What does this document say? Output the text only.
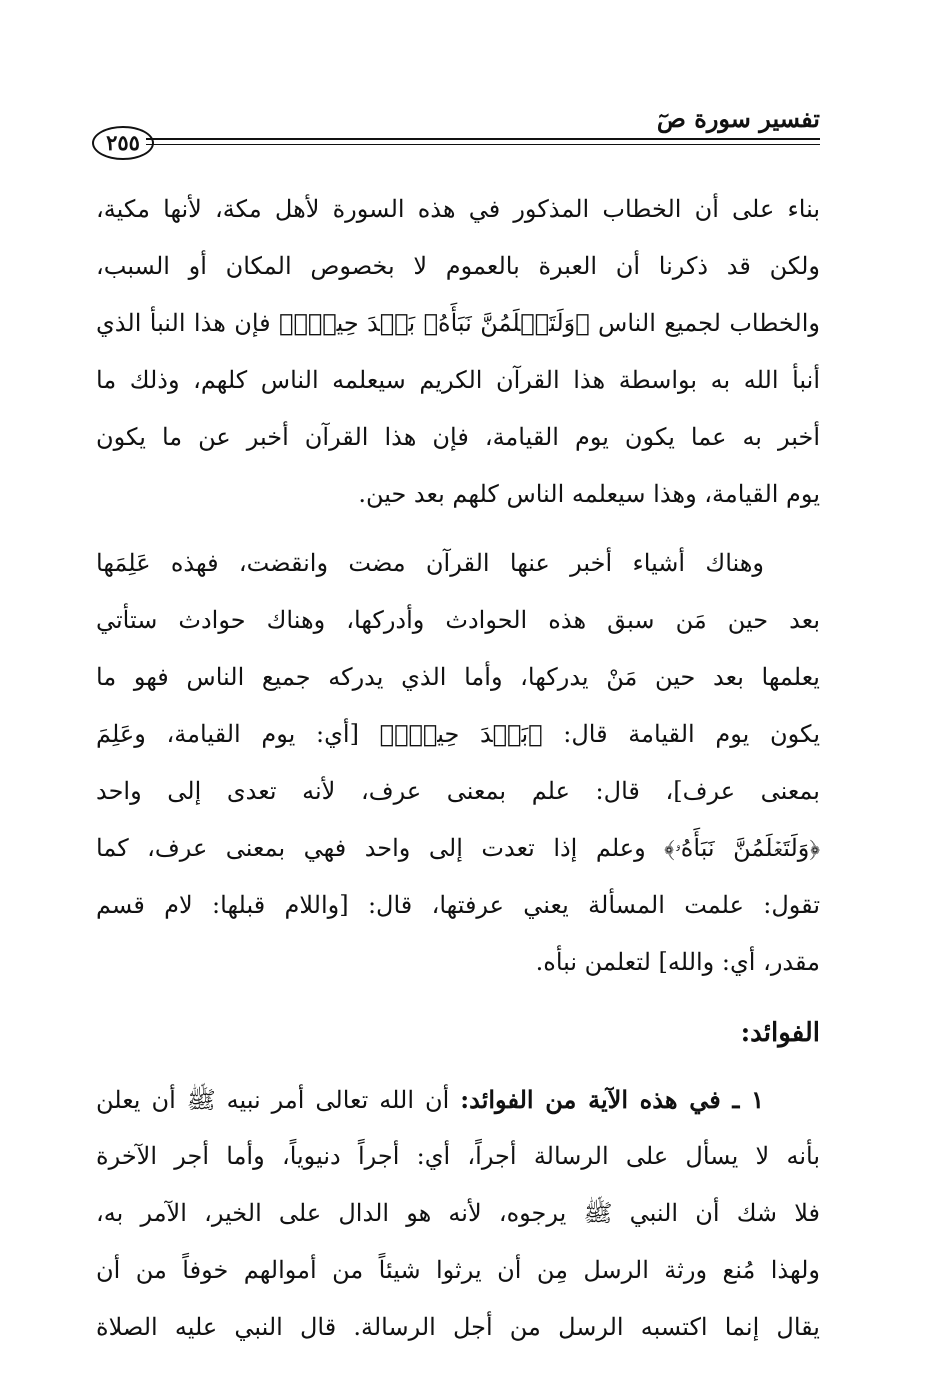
تفسير سورة صٓ
٢٥٥
بناء على أن الخطاب المذكور في هذه السورة لأهل مكة، لأنها مكية،
ولكن قد ذكرنا أن العبرة بالعموم لا بخصوص المكان أو السبب،
والخطاب لجميع الناس ﴿وَلَتَعۡلَمُنَّ نَبَأَهُۥ بَعۡدَ حِينِۭ﴾ فإن هذا النبأ الذي
أنبأ الله به بواسطة هذا القرآن الكريم سيعلمه الناس كلهم، وذلك ما
أخبر به عما يكون يوم القيامة، فإن هذا القرآن أخبر عن ما يكون
يوم القيامة، وهذا سيعلمه الناس كلهم بعد حين.
وهناك أشياء أخبر عنها القرآن مضت وانقضت، فهذه عَلِمَها
بعد حين مَن سبق هذه الحوادث وأدركها، وهناك حوادث ستأتي
يعلمها بعد حين مَنْ يدركها، وأما الذي يدركه جميع الناس فهو ما
يكون يوم القيامة قال: ﴿بَعۡدَ حِينِۭ﴾ [أي: يوم القيامة، وعَلِمَ
بمعنى عرف]، قال: علم بمعنى عرف، لأنه تعدى إلى واحد
﴿وَلَتَعۡلَمُنَّ نَبَأَهُۥ﴾ وعلم إذا تعدت إلى واحد فهي بمعنى عرف، كما
تقول: علمت المسألة يعني عرفتها، قال: [واللام قبلها: لام قسم
مقدر، أي: والله] لتعلمن نبأه.
الفوائد:
١ ـ في هذه الآية من الفوائد: أن الله تعالى أمر نبيه ﷺ أن يعلن
بأنه لا يسأل على الرسالة أجراً، أي: أجراً دنيوياً، وأما أجر الآخرة
فلا شك أن النبي ﷺ يرجوه، لأنه هو الدال على الخير، الآمر به،
ولهذا مُنع ورثة الرسل مِن أن يرثوا شيئاً من أموالهم خوفاً من أن
يقال إنما اكتسبه الرسل من أجل الرسالة. قال النبي عليه الصلاة
